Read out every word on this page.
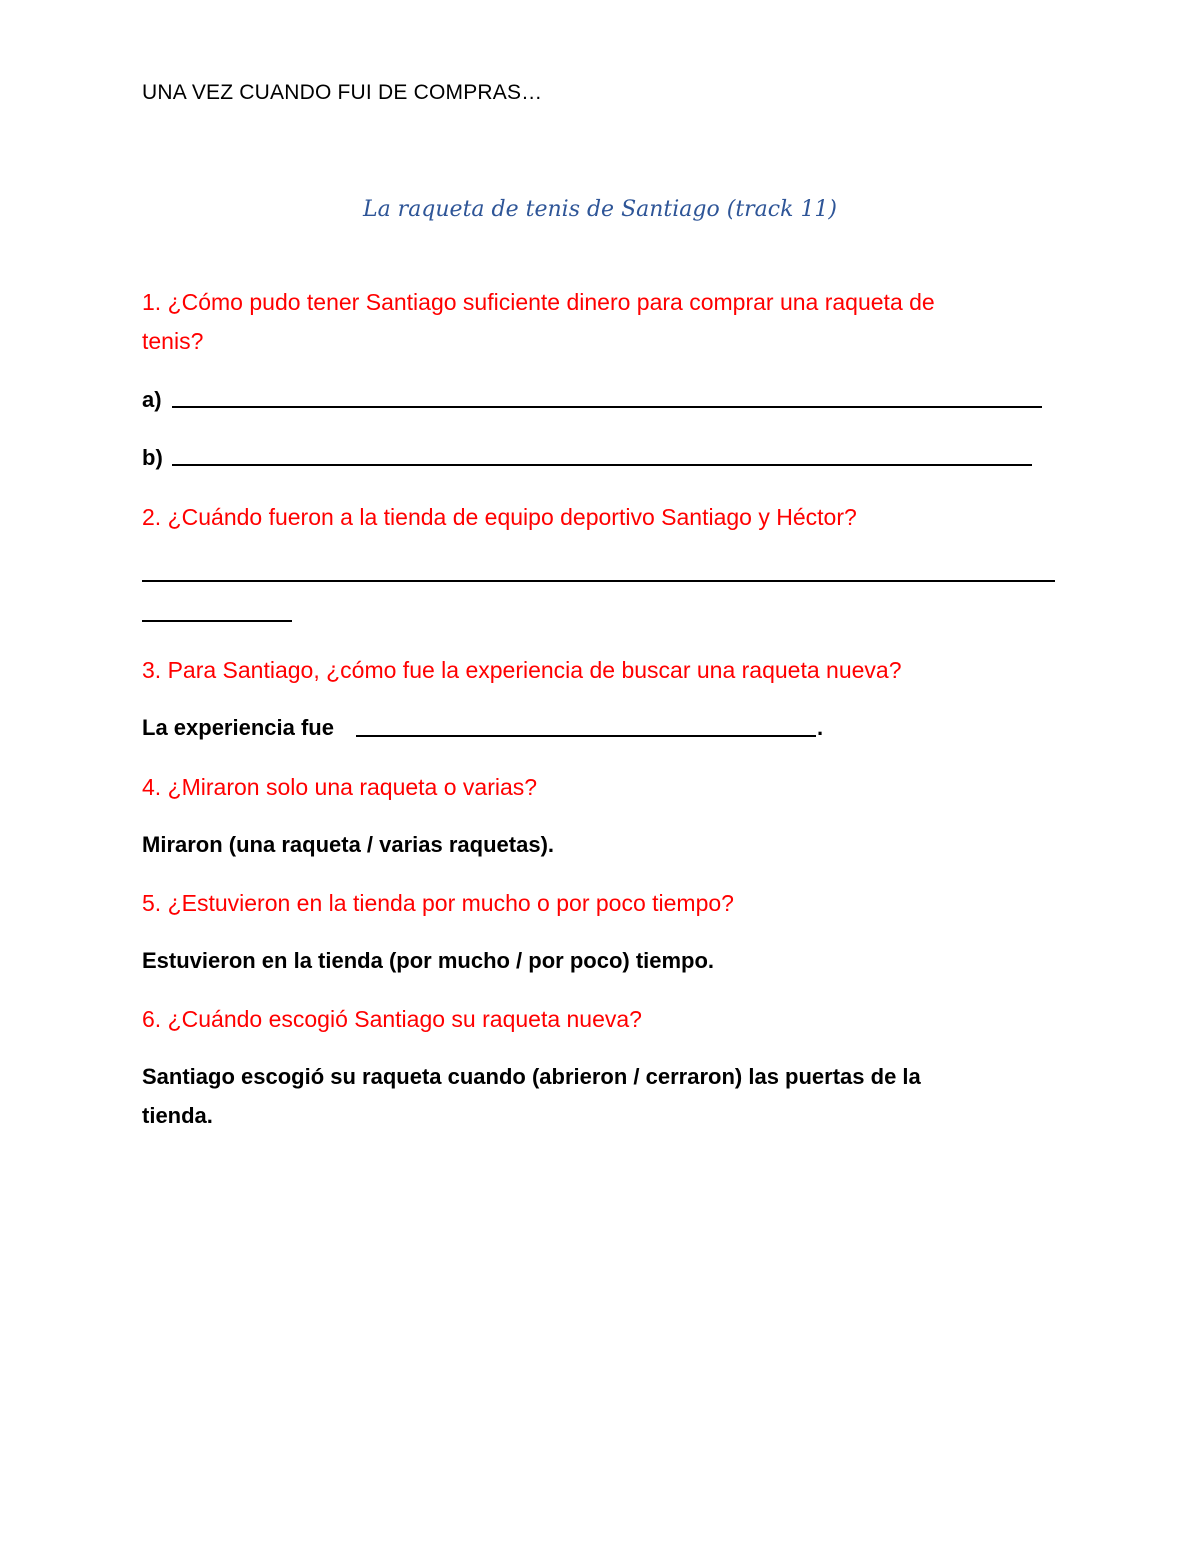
UNA VEZ CUANDO FUI DE COMPRAS…
La raqueta de tenis de Santiago (track 11)
1. ¿Cómo pudo tener Santiago suficiente dinero para comprar una raqueta de
tenis?
a)
b)
2. ¿Cuándo fueron a la tienda de equipo deportivo Santiago y Héctor?
3. Para Santiago, ¿cómo fue la experiencia de buscar una raqueta nueva?
La experiencia fue	.
4. ¿Miraron solo una raqueta o varias?
Miraron (una raqueta / varias raquetas).
5. ¿Estuvieron en la tienda por mucho o por poco tiempo?
Estuvieron en la tienda (por mucho / por poco) tiempo.
6. ¿Cuándo escogió Santiago su raqueta nueva?
Santiago escogió su raqueta cuando (abrieron / cerraron) las puertas de la
tienda.
